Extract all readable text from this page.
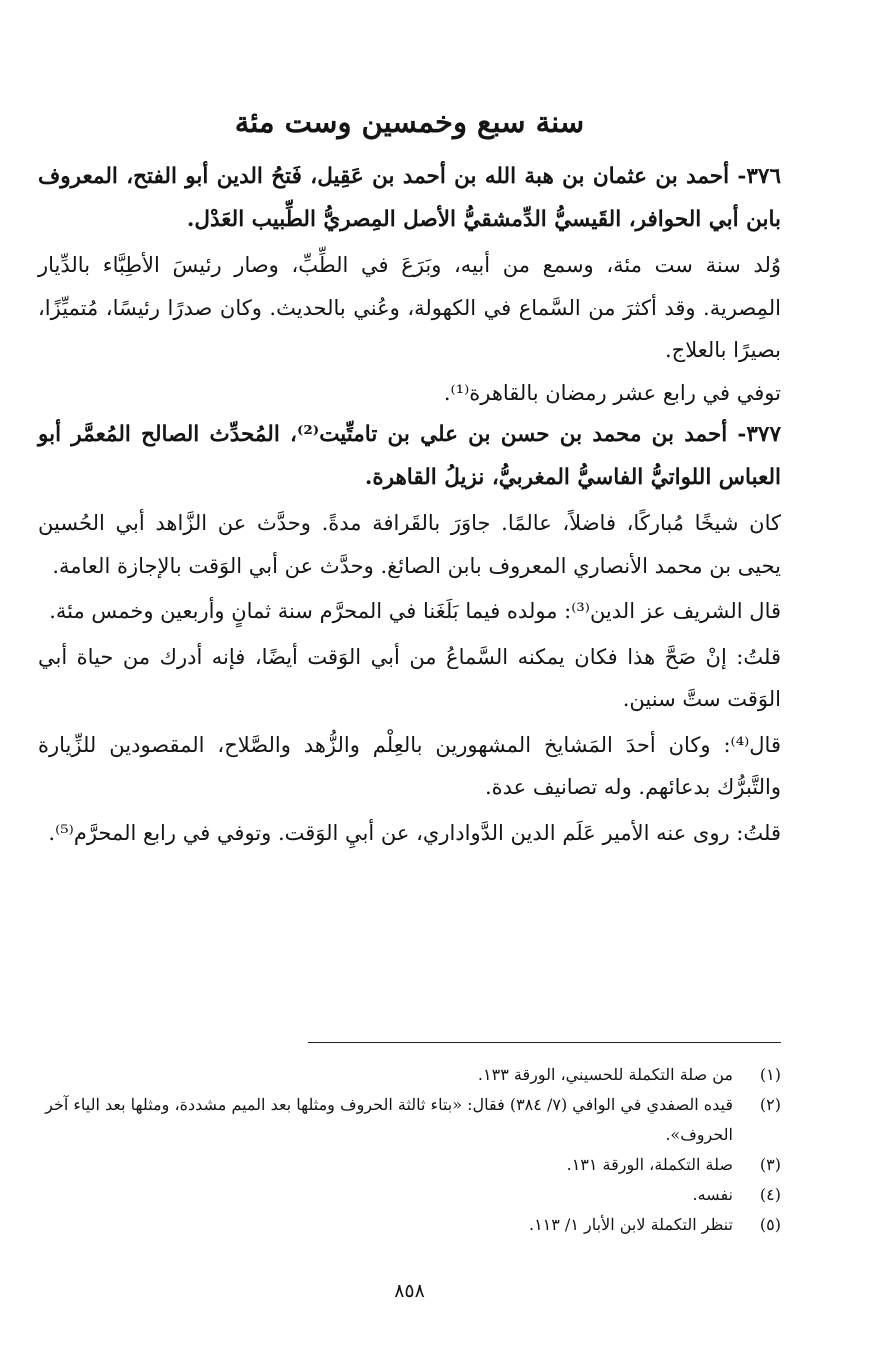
سنة سبع وخمسين وست مئة

٣٧٦- أحمد بن عثمان بن هبة الله بن أحمد بن عَقِيل، فَتحُ الدين أبو الفتح، المعروف بابن أبي الحوافر، القَيسيُّ الدِّمشقيُّ الأصل المِصريُّ الطِّبيب العَدْل.

وُلد سنة ست مئة، وسمع من أبيه، وبَرَعَ في الطِّبِّ، وصار رئيسَ الأطِبَّاء بالدِّيار المِصرية. وقد أكثرَ من السَّماع في الكهولة، وعُني بالحديث. وكان صدرًا رئيسًا، مُتميِّزًا، بصيرًا بالعلاج.

توفي في رابع عشر رمضان بالقاهرة⁽¹⁾.

٣٧٧- أحمد بن محمد بن حسن بن علي بن تامتِّيت⁽²⁾، المُحدِّث الصالح المُعمَّر أبو العباس اللواتيُّ الفاسيُّ المغربيُّ، نزيلُ القاهرة.

كان شيخًا مُباركًا، فاضلاً، عالمًا. جاوَرَ بالقَرافة مدةً. وحدَّث عن الزَّاهد أبي الحُسين يحيى بن محمد الأنصاري المعروف بابن الصائغ. وحدَّث عن أبي الوَقت بالإجازة العامة.

قال الشريف عز الدين⁽³⁾: مولده فيما بَلَغَنا في المحرَّم سنة ثمانٍ وأربعين وخمس مئة.

قلتُ: إنْ صَحَّ هذا فكان يمكنه السَّماعُ من أبي الوَقت أيضًا، فإنه أدرك من حياة أبي الوَقت ستَّ سنين.

قال⁽⁴⁾: وكان أحدَ المَشايخ المشهورين بالعِلْم والزُّهد والصَّلاح، المقصودين للزِّيارة والتَّبرُّك بدعائهم. وله تصانيف عدة.

قلتُ: روى عنه الأمير عَلَم الدين الدَّواداري، عن أبيِ الوَقت. وتوفي في رابع المحرَّم⁽⁵⁾.

(١)
من صلة التكملة للحسيني، الورقة ١٣٣.
(٢)
قيده الصفدي في الوافي (٧/ ٣٨٤) فقال: «بتاء ثالثة الحروف ومثلها بعد الميم مشددة، ومثلها بعد الياء آخر الحروف».
(٣)
صلة التكملة، الورقة ١٣١.
(٤)
نفسه.
(٥)
تنظر التكملة لابن الأبار ١/ ١١٣.
٨٥٨
